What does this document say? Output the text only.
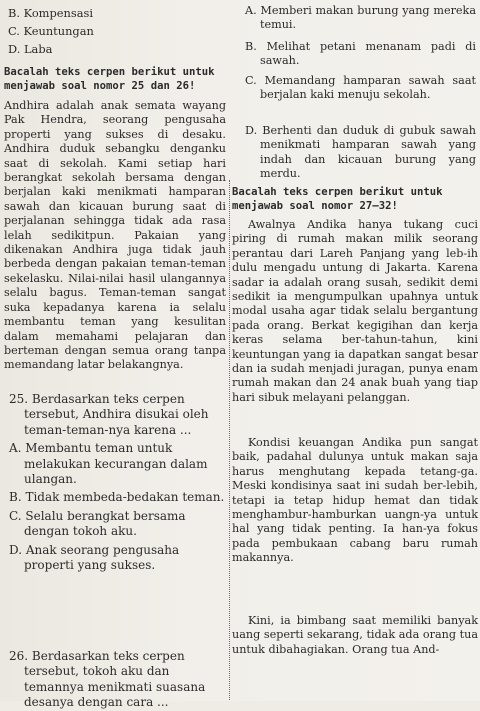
B. Kompensasi

C. Keuntungan

D. Laba

Bacalah teks cerpen berikut untuk menjawab soal nomor 25 dan 26!

Andhira adalah anak semata wayang Pak Hendra, seorang pengusaha properti yang sukses di desaku. Andhira duduk sebangku denganku saat di sekolah. Kami setiap hari berangkat sekolah bersama dengan berjalan kaki menikmati hamparan sawah dan kicauan burung saat di perjalanan sehingga tidak ada rasa lelah sedikitpun. Pakaian yang dikenakan Andhira juga tidak jauh berbeda dengan pakaian teman-teman sekelasku. Nilai-nilai hasil ulangannya selalu bagus. Teman-teman sangat suka kepadanya karena ia selalu membantu teman yang kesulitan dalam memahami pelajaran dan berteman dengan semua orang tanpa memandang latar belakangnya.

25. Berdasarkan teks cerpen tersebut, Andhira disukai oleh teman-teman-nya karena ...

A. Membantu teman untuk melakukan kecurangan dalam ulangan.

B. Tidak membeda-bedakan teman.

C. Selalu berangkat bersama dengan tokoh aku.

D. Anak seorang pengusaha properti yang sukses.

26. Berdasarkan teks cerpen tersebut, tokoh aku dan temannya menikmati suasana desanya dengan cara ...

A. Memberi makan burung yang mereka temui.

B. Melihat petani menanam padi di sawah.

C. Memandang hamparan sawah saat berjalan kaki menuju sekolah.

D. Berhenti dan duduk di gubuk sawah menikmati hamparan sawah yang indah dan kicauan burung yang merdu.

Bacalah teks cerpen berikut untuk menjawab soal nomor 27—32!

Awalnya Andika hanya tukang cuci piring di rumah makan milik seorang perantau dari Lareh Panjang yang leb-ih dulu mengadu untung di Jakarta. Karena sadar ia adalah orang susah, sedikit demi sedikit ia mengumpulkan upahnya untuk modal usaha agar tidak selalu bergantung pada orang. Berkat kegigihan dan kerja keras selama ber-tahun-tahun, kini keuntungan yang ia dapatkan sangat besar dan ia sudah menjadi juragan, punya enam rumah makan dan 24 anak buah yang tiap hari sibuk melayani pelanggan.

Kondisi keuangan Andika pun sangat baik, padahal dulunya untuk makan saja harus menghutang kepada tetang-ga. Meski kondisinya saat ini sudah ber-lebih, tetapi ia tetap hidup hemat dan tidak menghambur-hamburkan uangn-ya untuk hal yang tidak penting. Ia han-ya fokus pada pembukaan cabang baru rumah makannya.

Kini, ia bimbang saat memiliki banyak uang seperti sekarang, tidak ada orang tua untuk dibahagiakan. Orang tua And-
